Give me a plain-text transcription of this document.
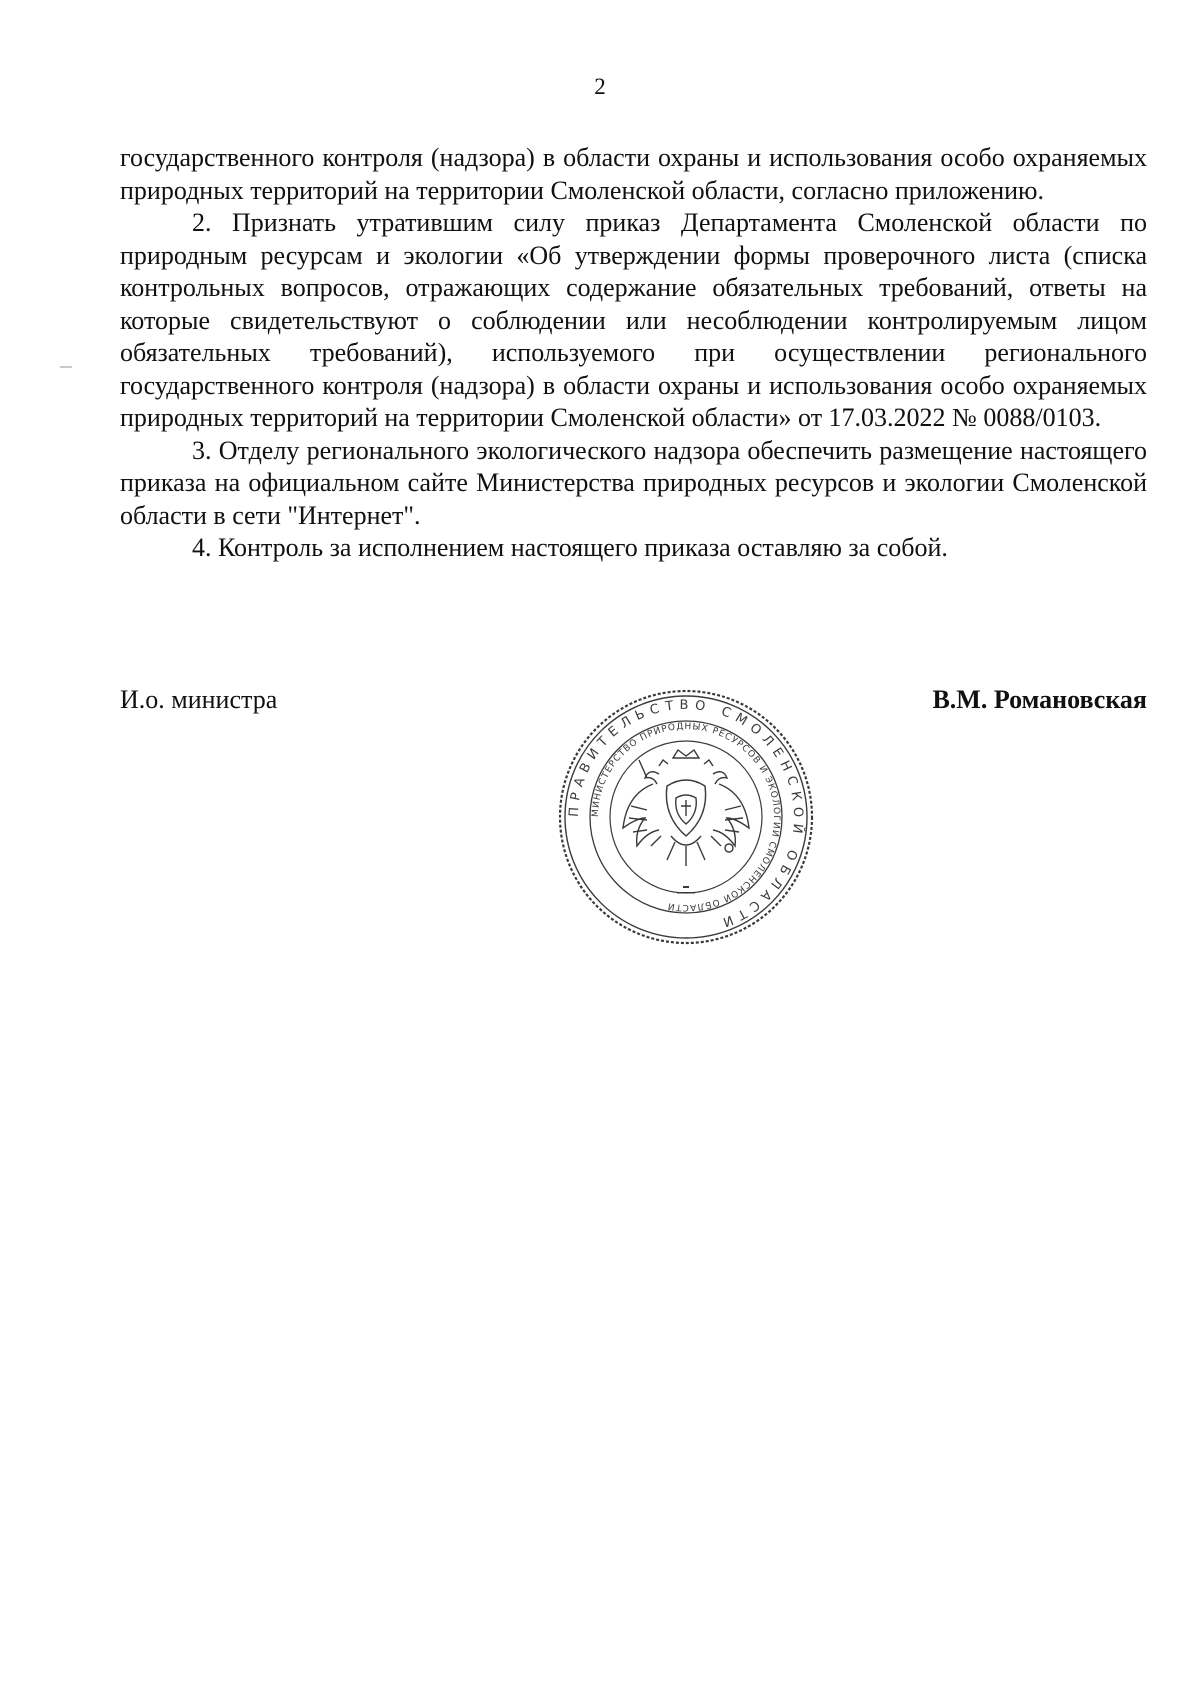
2

государственного контроля (надзора) в области охраны и использования особо охраняемых природных территорий на территории Смоленской области, согласно приложению.

2. Признать утратившим силу приказ Департамента Смоленской области по природным ресурсам и экологии «Об утверждении формы проверочного листа (списка контрольных вопросов, отражающих содержание обязательных требований, ответы на которые свидетельствуют о соблюдении или несоблюдении контролируемым лицом обязательных требований), используемого при осуществлении регионального государственного контроля (надзора) в области охраны и использования особо охраняемых природных территорий на территории Смоленской области» от 17.03.2022 № 0088/0103.

3. Отделу регионального экологического надзора обеспечить размещение настоящего приказа на официальном сайте Министерства природных ресурсов и экологии Смоленской области в сети "Интернет".

4. Контроль за исполнением настоящего приказа оставляю за собой.

И.о. министра	В.М. Романовская
ПРАВИТЕЛЬСТВО СМОЛЕНСКОЙ ОБЛАСТИ
МИНИСТЕРСТВО ПРИРОДНЫХ РЕСУРСОВ И ЭКОЛОГИИ СМОЛЕНСКОЙ ОБЛАСТИ
